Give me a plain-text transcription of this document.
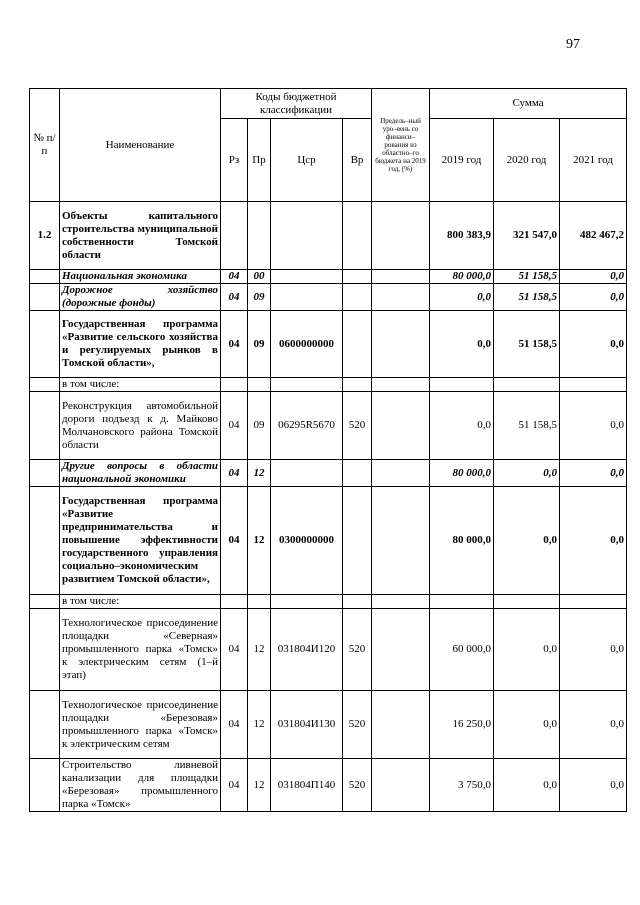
97
№ п/п	Наименование	Коды бюджетной классификации				Предель–ный уро–вень со финанси–рования из областно–го бюджета на 2019 год, (%)	Сумма		
		Рз	Пр	Цср	Вр		2019 год	2020 год	2021 год
1.2	Объекты капитального строительства муниципальной собственности Томской области						800 383,9	321 547,0	482 467,2
	Национальная экономика	04	00				80 000,0	51 158,5	0,0
	Дорожное хозяйство (дорожные фонды)	04	09				0,0	51 158,5	0,0
	Государственная программа «Развитие сельского хозяйства и регулируемых рынков в Томской области»,	04	09	0600000000			0,0	51 158,5	0,0
	в том числе:								
	Реконструкция автомобильной дороги подъезд к д. Майково Молчановского района Томской области	04	09	06295R5670	520		0,0	51 158,5	0,0
	Другие вопросы в области национальной экономики	04	12				80 000,0	0,0	0,0
	Государственная программа «Развитие предпринимательства и повышение эффективности государственного управления социально–экономическим развитием Томской области»,	04	12	0300000000			80 000,0	0,0	0,0
	в том числе:								
	Технологическое присоединение площадки «Северная» промышленного парка «Томск» к электрическим сетям (1–й этап)	04	12	031804И120	520		60 000,0	0,0	0,0
	Технологическое присоединение площадки «Березовая» промышленного парка «Томск» к электрическим сетям	04	12	031804И130	520		16 250,0	0,0	0,0
	Строительство ливневой канализации для площадки «Березовая» промышленного парка «Томск»	04	12	031804П140	520		3 750,0	0,0	0,0
